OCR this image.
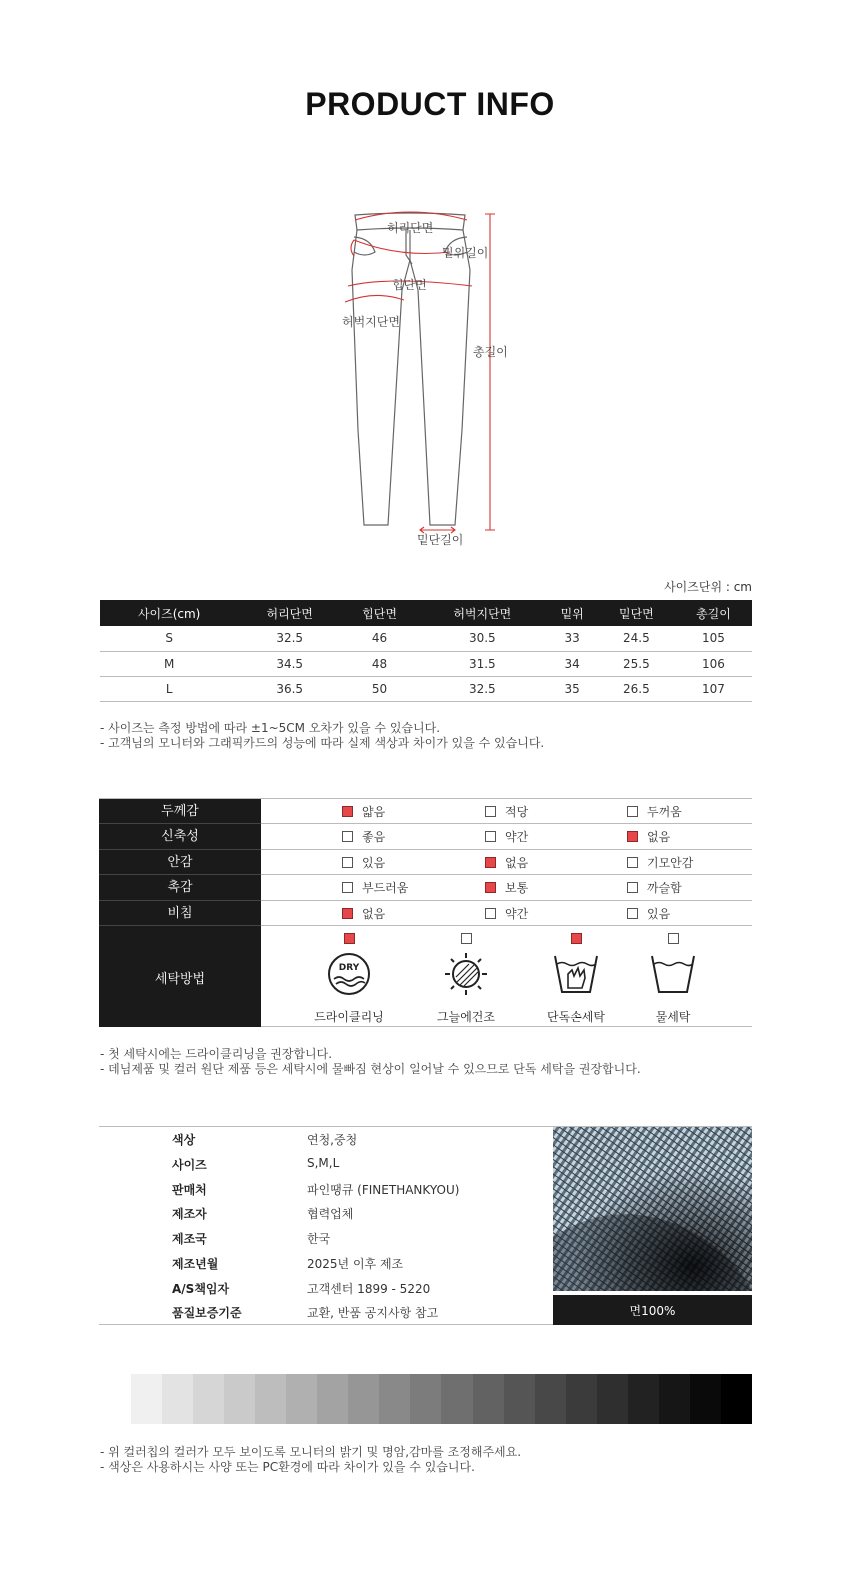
PRODUCT INFO
허리단면
밑위길이
힙단면
허벅지단면
총길이
밑단길이
사이즈단위 : cm
사이즈(cm)	허리단면	힙단면	허벅지단면	밑위	밑단면	총길이
S	32.5	46	30.5	33	24.5	105
M	34.5	48	31.5	34	25.5	106
L	36.5	50	32.5	35	26.5	107
- 사이즈는 측정 방법에 따라 ±1~5CM 오차가 있을 수 있습니다.
- 고객님의 모니터와 그래픽카드의 성능에 따라 실제 색상과 차이가 있을 수 있습니다.
두께감	얇음	적당	두꺼움
신축성	좋음	약간	없음
안감	있음	없음	기모안감
촉감	부드러움	보통	까슬함
비침	없음	약간	있음
세탁방법
DRY
드라이클리닝	그늘에건조	단독손세탁	물세탁
- 첫 세탁시에는 드라이클리닝을 권장합니다.
- 데님제품 및 컬러 원단 제품 등은 세탁시에 물빠짐 현상이 일어날 수 있으므로 단독 세탁을 권장합니다.
색상	연청,중청
사이즈	S,M,L
판매처	파인땡큐 (FINETHANKYOU)
제조자	협력업체
제조국	한국
제조년월	2025년 이후 제조
A/S책임자	고객센터 1899 - 5220
품질보증기준	교환, 반품 공지사항 참고	면100%
- 위 컬러칩의 컬러가 모두 보이도록 모니터의 밝기 및 명암,감마를 조정해주세요.
- 색상은 사용하시는 사양 또는 PC환경에 따라 차이가 있을 수 있습니다.
